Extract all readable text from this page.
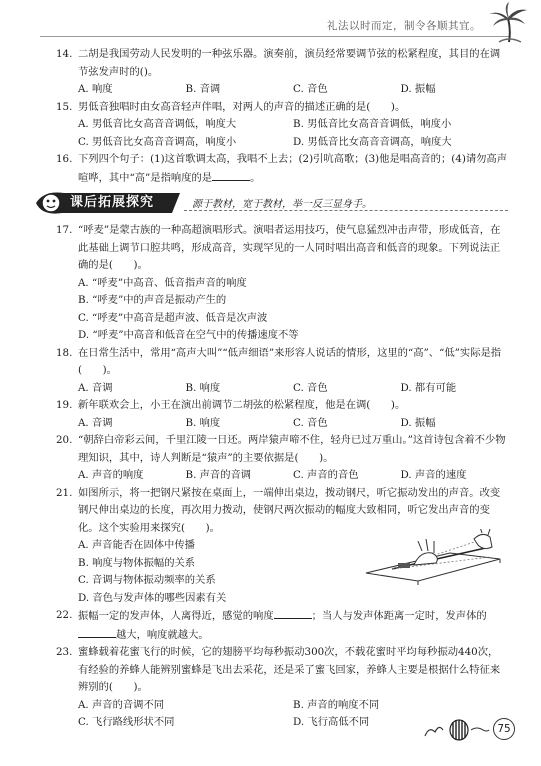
礼法以时而定，制令各顺其宜。
14. 二胡是我国劳动人民发明的一种弦乐器。演奏前，演员经常要调节弦的松紧程度，其目的在调节弦发声时的()。
A. 响度	B. 音调	C. 音色	D. 振幅
15. 男低音独唱时由女高音轻声伴唱，对两人的声音的描述正确的是(　　)。
A. 男低音比女高音音调低，响度大	B. 男低音比女高音音调低，响度小
C. 男低音比女高音音调高，响度小	D. 男低音比女高音音调高，响度大
16. 下列四个句子：(1)这首歌调太高，我唱不上去；(2)引吭高歌；(3)他是唱高音的；(4)请勿高声喧哗，其中“高”是指响度的是	。
课后拓展探究	源于教材，宽于教材，举一反三显身手。
17. “呼麦”是蒙古族的一种高超演唱形式。演唱者运用技巧，使气息猛烈冲击声带，形成低音，在此基础上调节口腔共鸣，形成高音，实现罕见的一人同时唱出高音和低音的现象。下列说法正确的是(　　)。
A. “呼麦”中高音、低音指声音的响度
B. “呼麦”中的声音是振动产生的
C. “呼麦”中高音是超声波、低音是次声波
D. “呼麦”中高音和低音在空气中的传播速度不等
18. 在日常生活中，常用“高声大叫”“低声细语”来形容人说话的情形，这里的“高”、“低”实际是指(　　)。
A. 音调	B. 响度	C. 音色	D. 都有可能
19. 新年联欢会上，小王在演出前调节二胡弦的松紧程度，他是在调(　　)。
A. 音调	B. 响度	C. 音色	D. 振幅
20. “朝辞白帝彩云间，千里江陵一日还。两岸猿声啼不住，轻舟已过万重山。”这首诗包含着不少物理知识，其中，诗人判断是“猿声”的主要依据是(　　)。
A. 声音的响度	B. 声音的音调	C. 声音的音色	D. 声音的速度
21. 如图所示，将一把钢尺紧按在桌面上，一端伸出桌边，拨动钢尺，听它振动发出的声音。改变钢尺伸出桌边的长度，再次用力拨动，使钢尺两次振动的幅度大致相同，听它发出声音的变化。这个实验用来探究(　　)。
A. 声音能否在固体中传播
B. 响度与物体振幅的关系
C. 音调与物体振动频率的关系
D. 音色与发声体的哪些因素有关
22. 振幅一定的发声体，人离得近，感觉的响度	；当人与发声体距离一定时，发声体的越大，响度就越大。
23. 蜜蜂载着花蜜飞行的时候，它的翅膀平均每秒振动300次，不载花蜜时平均每秒振动440次，有经验的养蜂人能辨别蜜蜂是飞出去采花，还是采了蜜飞回家，养蜂人主要是根据什么特征来辨别的(　　)。
A. 声音的音调不同	B. 声音的响度不同
C. 飞行路线形状不同	D. 飞行高低不同
75
